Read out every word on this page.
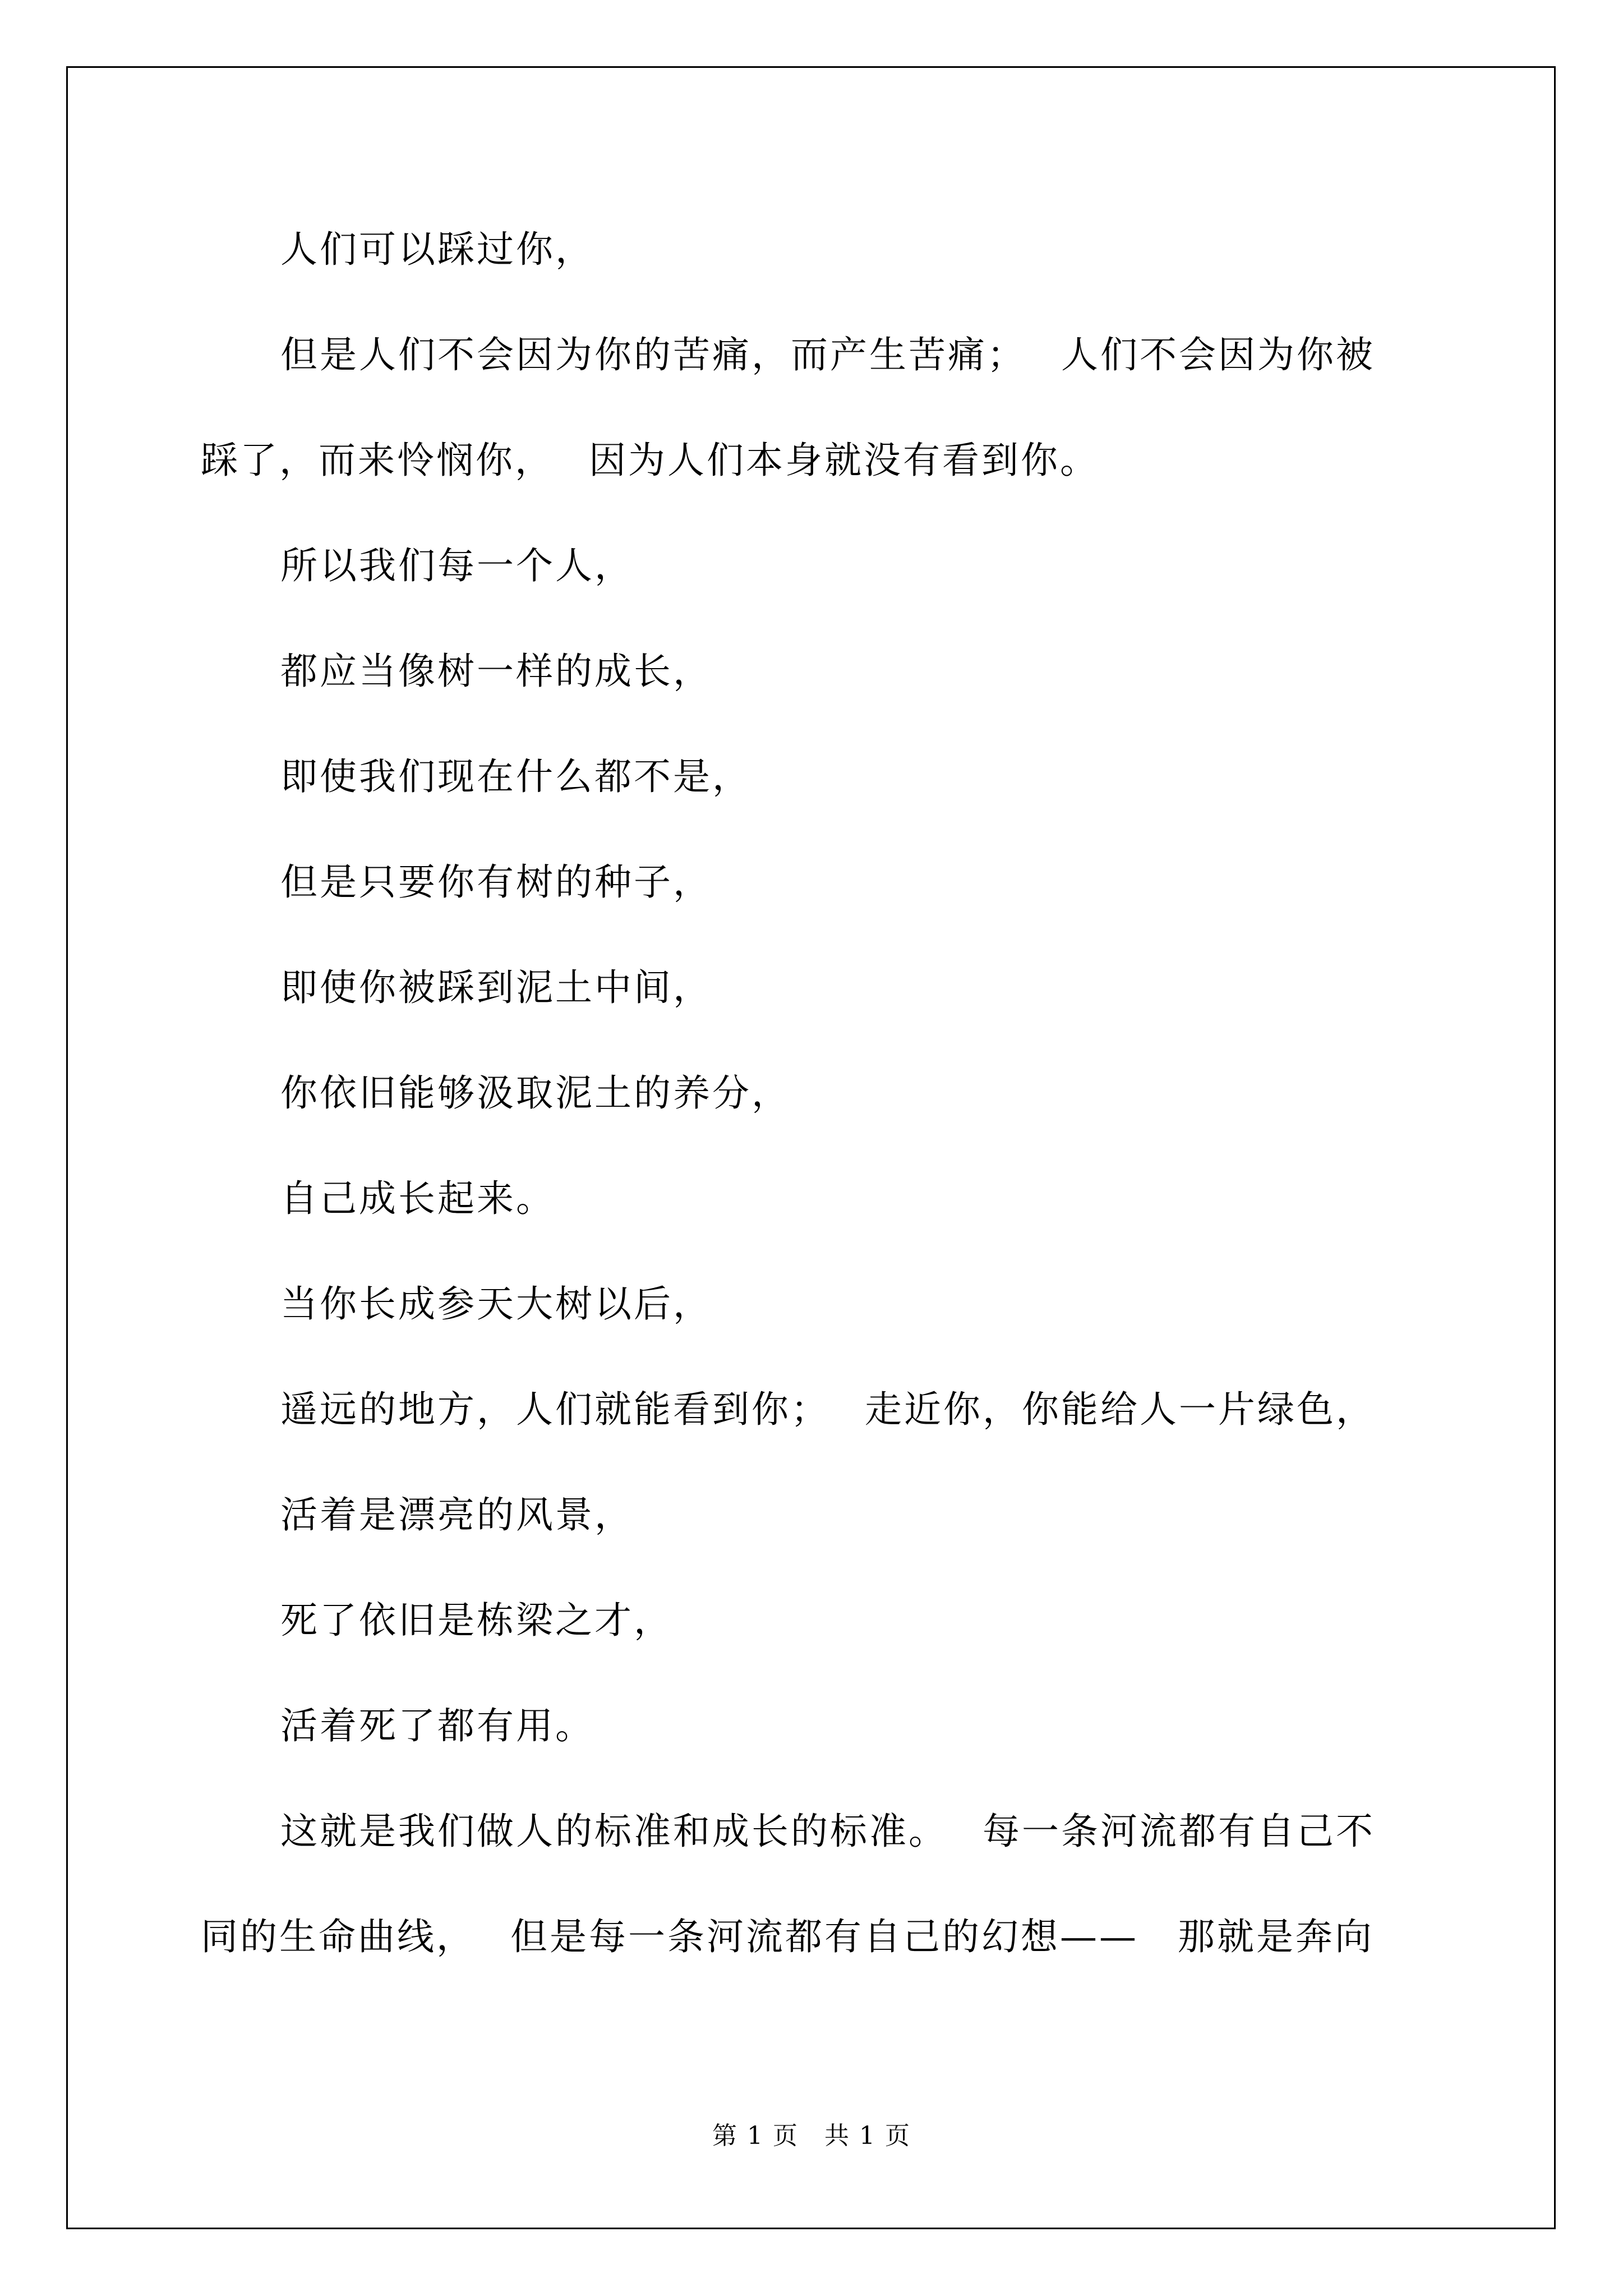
人们可以踩过你，
但是人们不会因为你的苦痛，而产生苦痛；　 人们不会因为你被
踩了，而来怜悯你，　 因为人们本身就没有看到你。
所以我们每一个人，
都应当像树一样的成长，
即使我们现在什么都不是，
但是只要你有树的种子，
即使你被踩到泥土中间，
你依旧能够汲取泥土的养分，
自己成长起来。
当你长成参天大树以后，
遥远的地方，人们就能看到你；　 走近你，你能给人一片绿色，
活着是漂亮的风景，
死了依旧是栋梁之才，
活着死了都有用。
这就是我们做人的标准和成长的标准。　 每一条河流都有自己不
同的生命曲线，　 但是每一条河流都有自己的幻想——　那就是奔向
第 1 页　共 1 页
